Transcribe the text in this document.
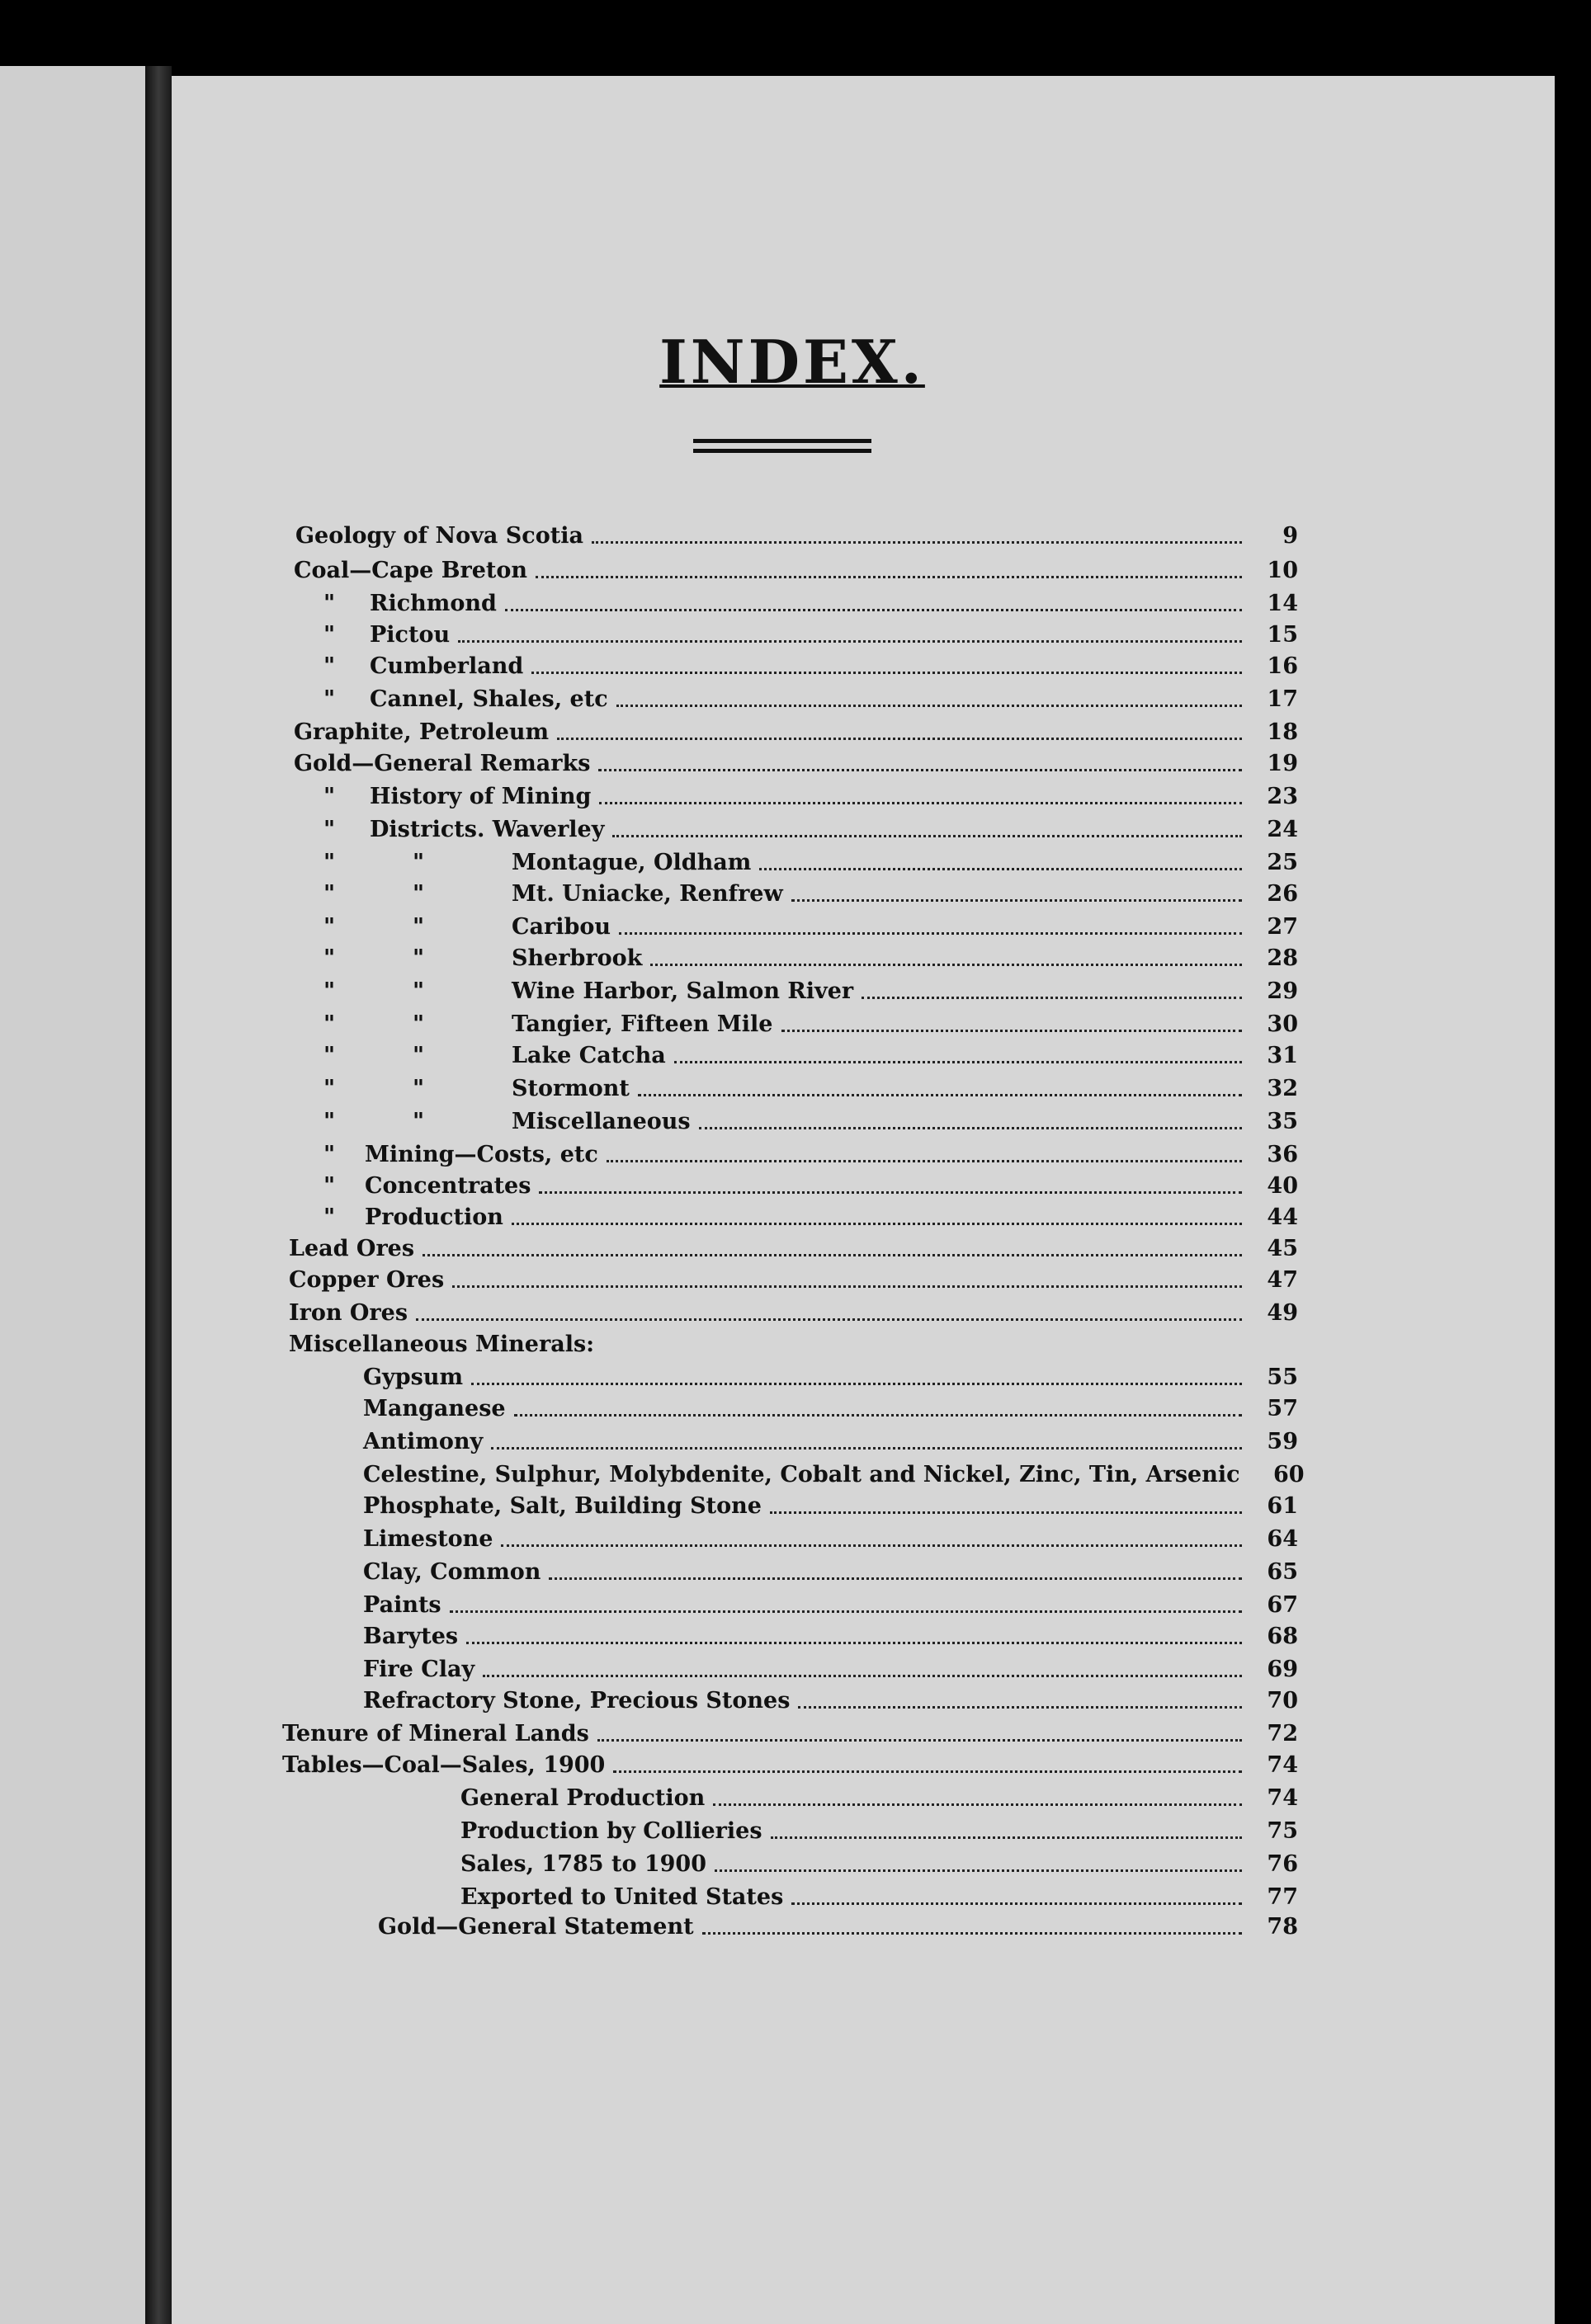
INDEX.
Geology of Nova Scotia	9
Coal—Cape Breton	10
" Richmond	14
" Pictou	15
" Cumberland	16
" Cannel, Shales, etc	17
Graphite, Petroleum	18
Gold—General Remarks	19
" History of Mining	23
" Districts. Waverley	24
"	"	Montague, Oldham	25
"	"	Mt. Uniacke, Renfrew	26
"	"	Caribou	27
"	"	Sherbrook	28
"	"	Wine Harbor, Salmon River	29
"	"	Tangier, Fifteen Mile	30
"	"	Lake Catcha	31
"	"	Stormont	32
"	"	Miscellaneous	35
" Mining—Costs, etc	36
" Concentrates	40
" Production	44
Lead Ores	45
Copper Ores	47
Iron Ores	49
Miscellaneous Minerals:
Gypsum	55
Manganese	57
Antimony	59
Celestine, Sulphur, Molybdenite, Cobalt and Nickel, Zinc, Tin, Arsenic	60
Phosphate, Salt, Building Stone	61
Limestone	64
Clay, Common	65
Paints	67
Barytes	68
Fire Clay	69
Refractory Stone, Precious Stones	70
Tenure of Mineral Lands	72
Tables—Coal—Sales, 1900	74
General Production	74
Production by Collieries	75
Sales, 1785 to 1900	76
Exported to United States	77
Gold—General Statement	78
